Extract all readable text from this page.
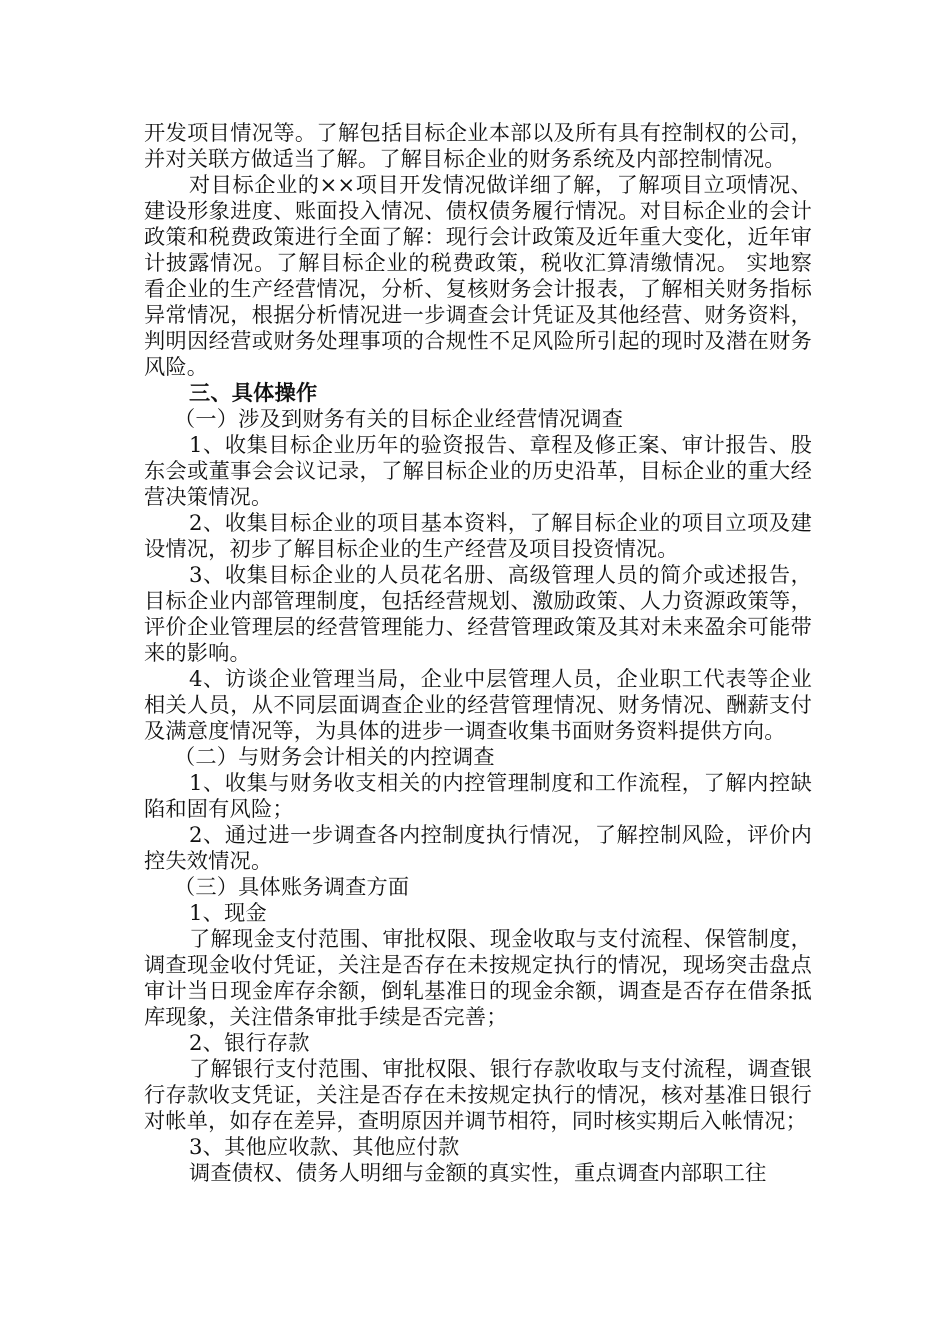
开发项目情况等。了解包括目标企业本部以及所有具有控制权的公司，并对关联方做适当了解。了解目标企业的财务系统及内部控制情况。

对目标企业的××项目开发情况做详细了解，了解项目立项情况、建设形象进度、账面投入情况、债权债务履行情况。对目标企业的会计政策和税费政策进行全面了解：现行会计政策及近年重大变化，近年审计披露情况。了解目标企业的税费政策，税收汇算清缴情况。 实地察看企业的生产经营情况，分析、复核财务会计报表，了解相关财务指标异常情况，根据分析情况进一步调查会计凭证及其他经营、财务资料，判明因经营或财务处理事项的合规性不足风险所引起的现时及潜在财务风险。

三、具体操作

（一）涉及到财务有关的目标企业经营情况调查

1、收集目标企业历年的验资报告、章程及修正案、审计报告、股东会或董事会会议记录，了解目标企业的历史沿革，目标企业的重大经营决策情况。

2、收集目标企业的项目基本资料，了解目标企业的项目立项及建设情况，初步了解目标企业的生产经营及项目投资情况。

3、收集目标企业的人员花名册、高级管理人员的简介或述报告，目标企业内部管理制度，包括经营规划、激励政策、人力资源政策等，评价企业管理层的经营管理能力、经营管理政策及其对未来盈余可能带来的影响。

4、访谈企业管理当局，企业中层管理人员，企业职工代表等企业相关人员，从不同层面调查企业的经营管理情况、财务情况、酬薪支付及满意度情况等，为具体的进步一调查收集书面财务资料提供方向。

（二）与财务会计相关的内控调查

1、收集与财务收支相关的内控管理制度和工作流程，了解内控缺陷和固有风险；

2、通过进一步调查各内控制度执行情况，了解控制风险，评价内控失效情况。

（三）具体账务调查方面

1、现金

了解现金支付范围、审批权限、现金收取与支付流程、保管制度，调查现金收付凭证，关注是否存在未按规定执行的情况，现场突击盘点审计当日现金库存余额，倒轧基准日的现金余额，调查是否存在借条抵库现象，关注借条审批手续是否完善；

2、银行存款

了解银行支付范围、审批权限、银行存款收取与支付流程，调查银行存款收支凭证，关注是否存在未按规定执行的情况，核对基准日银行对帐单，如存在差异，查明原因并调节相符，同时核实期后入帐情况；

3、其他应收款、其他应付款

调查债权、债务人明细与金额的真实性，重点调查内部职工往
